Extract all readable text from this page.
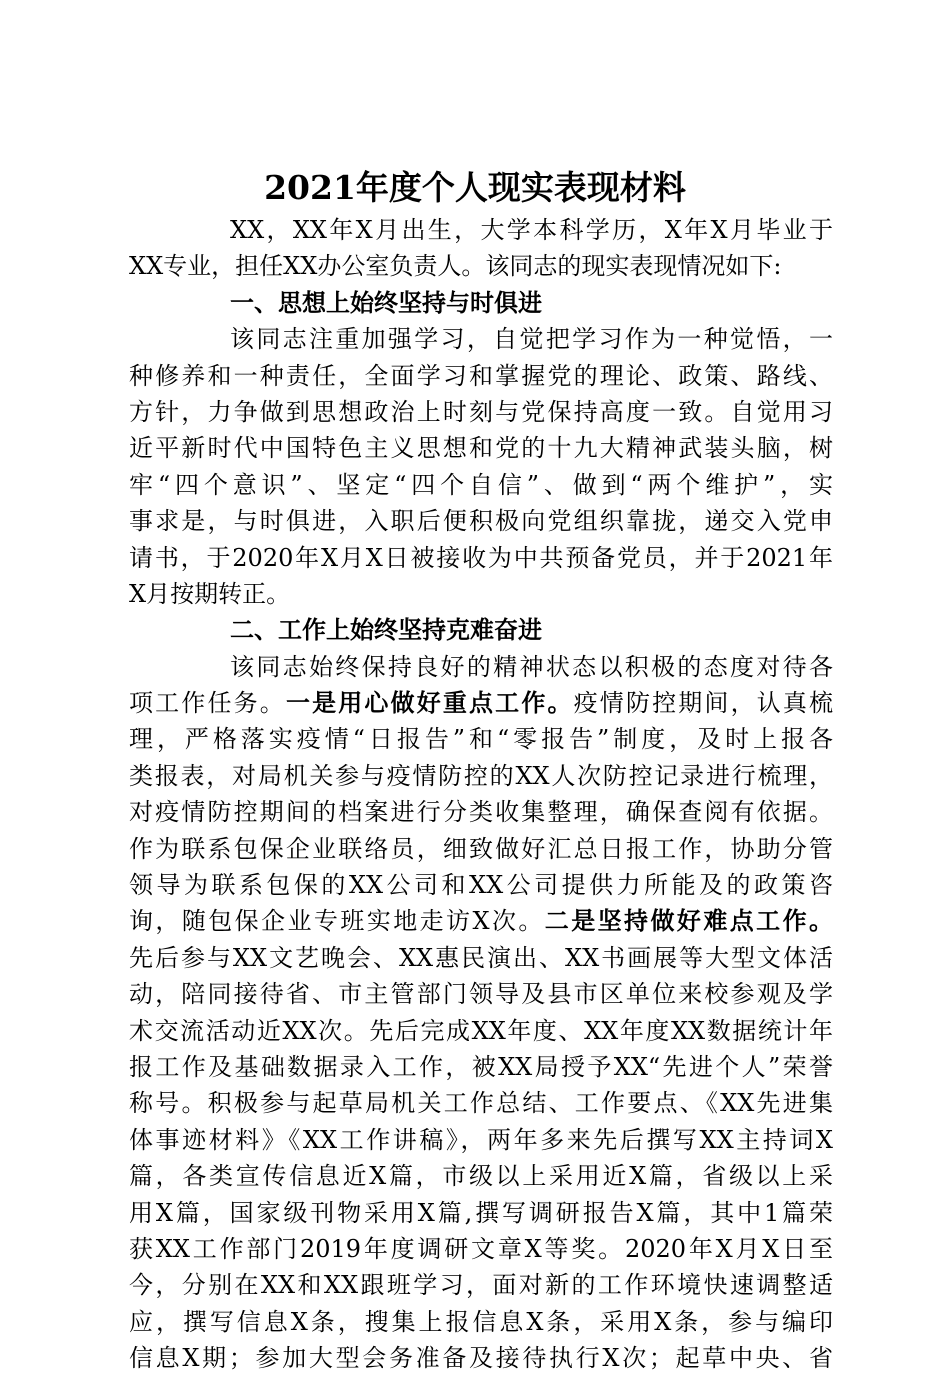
2021年度个人现实表现材料
XX，XX年X月出生，大学本科学历，X年X月毕业于
XX专业，担任XX办公室负责人。该同志的现实表现情况如下:
一、思想上始终坚持与时俱进
该同志注重加强学习，自觉把学习作为一种觉悟，一
种修养和一种责任，全面学习和掌握党的理论、政策、路线、
方针，力争做到思想政治上时刻与党保持高度一致。自觉用习
近平新时代中国特色主义思想和党的十九大精神武装头脑，树
牢“四个意识”、坚定“四个自信”、做到“两个维护”，实
事求是，与时俱进，入职后便积极向党组织靠拢，递交入党申
请书，于2020年X月X日被接收为中共预备党员，并于2021年
X月按期转正。
二、工作上始终坚持克难奋进
该同志始终保持良好的精神状态以积极的态度对待各
项工作任务。一是用心做好重点工作。疫情防控期间，认真梳
理，严格落实疫情“日报告”和“零报告”制度，及时上报各
类报表，对局机关参与疫情防控的XX人次防控记录进行梳理，
对疫情防控期间的档案进行分类收集整理，确保查阅有依据。
作为联系包保企业联络员，细致做好汇总日报工作，协助分管
领导为联系包保的XX公司和XX公司提供力所能及的政策咨
询，随包保企业专班实地走访X次。二是坚持做好难点工作。
先后参与XX文艺晚会、XX惠民演出、XX书画展等大型文体活
动，陪同接待省、市主管部门领导及县市区单位来校参观及学
术交流活动近XX次。先后完成XX年度、XX年度XX数据统计年
报工作及基础数据录入工作，被XX局授予XX“先进个人”荣誉
称号。积极参与起草局机关工作总结、工作要点、《XX先进集
体事迹材料》《XX工作讲稿》，两年多来先后撰写XX主持词X
篇，各类宣传信息近X篇，市级以上采用近X篇，省级以上采
用X篇，国家级刊物采用X篇,撰写调研报告X篇，其中1篇荣
获XX工作部门2019年度调研文章X等奖。2020年X月X日至
今，分别在XX和XX跟班学习，面对新的工作环境快速调整适
应，撰写信息X条，搜集上报信息X条，采用X条，参与编印
信息X期；参加大型会务准备及接待执行X次；起草中央、省
